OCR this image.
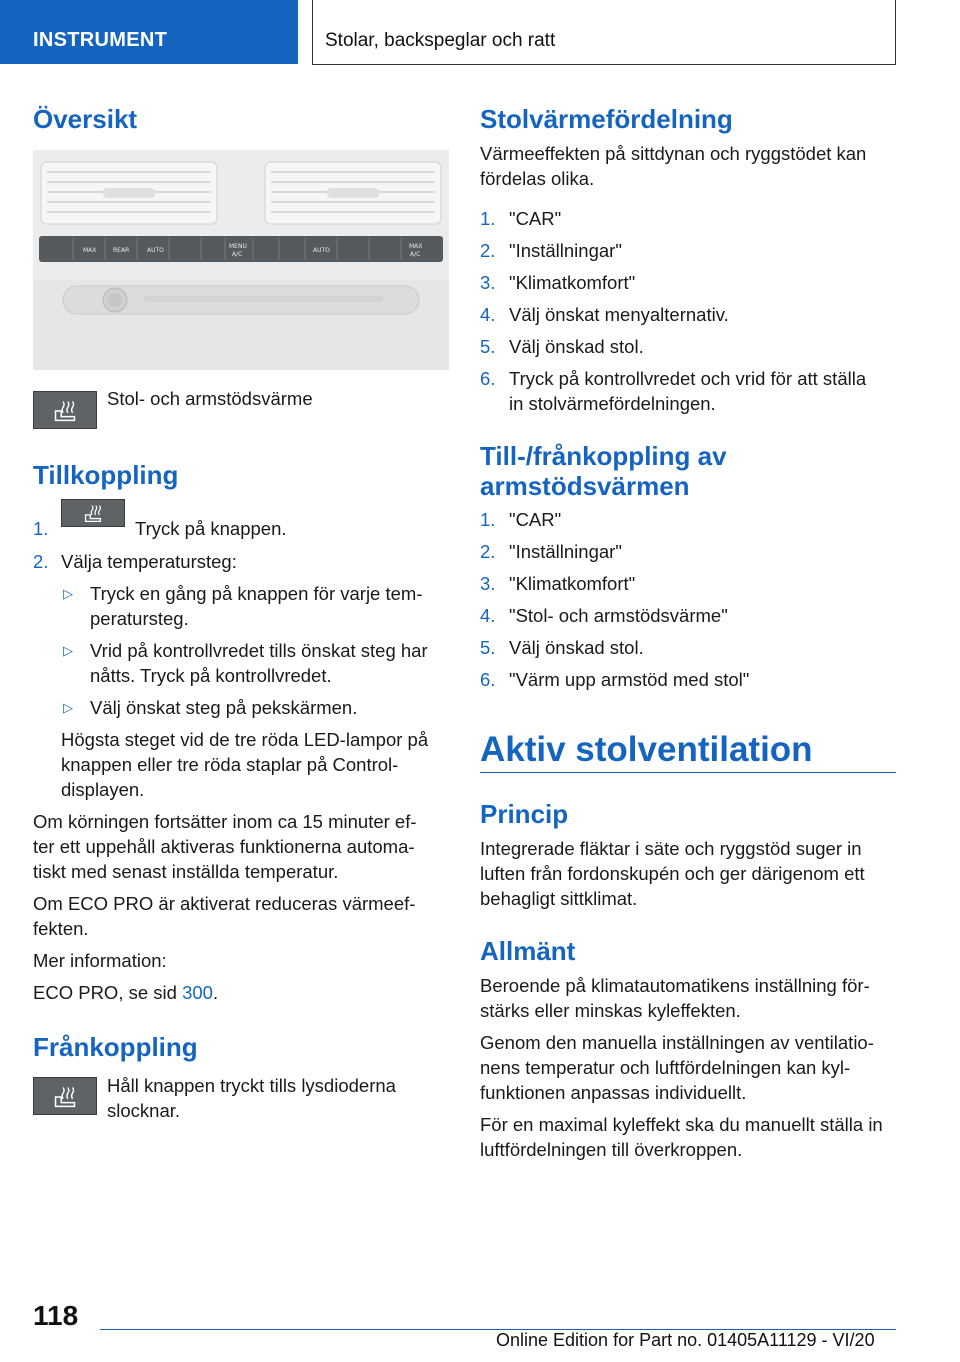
INSTRUMENT	Stolar, backspeglar och ratt
Översikt
MAX	REAR	AUTO
MENU
A/C
AUTO
MAX
A/C
Stol- och armstödsvärme
Tillkoppling
1.	Tryck på knappen.
2. Välja temperatursteg:
▷ Tryck en gång på knappen för varje tem-
peratursteg.
▷ Vrid på kontrollvredet tills önskat steg har
nåtts. Tryck på kontrollvredet.
▷ Välj önskat steg på pekskärmen.
Högsta steget vid de tre röda LED-lampor på
knappen eller tre röda staplar på Control-
displayen.
Om körningen fortsätter inom ca 15 minuter ef-
ter ett uppehåll aktiveras funktionerna automa-
tiskt med senast inställda temperatur.
Om ECO PRO är aktiverat reduceras värmeef-
fekten.
Mer information:
ECO PRO, se sid 300.
Frånkoppling
Håll knappen tryckt tills lysdioderna
slocknar.
Stolvärmefördelning
Värmeeffekten på sittdynan och ryggstödet kan
fördelas olika.
1. "CAR"
2. "Inställningar"
3. "Klimatkomfort"
4. Välj önskat menyalternativ.
5. Välj önskad stol.
6. Tryck på kontrollvredet och vrid för att ställa
in stolvärmefördelningen.
Till-/frånkoppling av
armstödsvärmen
1. "CAR"
2. "Inställningar"
3. "Klimatkomfort"
4. "Stol- och armstödsvärme"
5. Välj önskad stol.
6. "Värm upp armstöd med stol"
Aktiv stolventilation
Princip
Integrerade fläktar i säte och ryggstöd suger in
luften från fordonskupén och ger därigenom ett
behagligt sittklimat.
Allmänt
Beroende på klimatautomatikens inställning för-
stärks eller minskas kyleffekten.
Genom den manuella inställningen av ventilatio-
nens temperatur och luftfördelningen kan kyl-
funktionen anpassas individuellt.
För en maximal kyleffekt ska du manuellt ställa in
luftfördelningen till överkroppen.
118
Online Edition for Part no. 01405A11129 - VI/20
